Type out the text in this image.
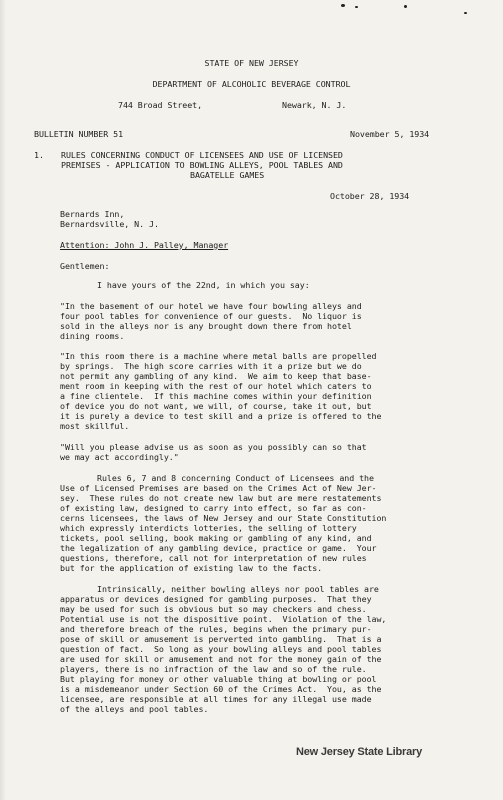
STATE OF NEW JERSEY
DEPARTMENT OF ALCOHOLIC BEVERAGE CONTROL
744 Broad Street,	Newark, N. J.
BULLETIN NUMBER 51	November 5, 1934
1. RULES CONCERNING CONDUCT OF LICENSEES AND USE OF LICENSED
PREMISES - APPLICATION TO BOWLING ALLEYS, POOL TABLES AND
BAGATELLE GAMES
October 28, 1934
Bernards Inn,
Bernardsville, N. J.
Attention: John J. Palley, Manager
Gentlemen:
I have yours of the 22nd, in which you say:
"In the basement of our hotel we have four bowling alleys and
four pool tables for convenience of our guests.  No liquor is
sold in the alleys nor is any brought down there from hotel
dining rooms.
"In this room there is a machine where metal balls are propelled
by springs.  The high score carries with it a prize but we do
not permit any gambling of any kind.  We aim to keep that base-
ment room in keeping with the rest of our hotel which caters to
a fine clientele.  If this machine comes within your definition
of device you do not want, we will, of course, take it out, but
it is purely a device to test skill and a prize is offered to the
most skillful.
"Will you please advise us as soon as you possibly can so that
we may act accordingly."
Rules 6, 7 and 8 concerning Conduct of Licensees and the
Use of Licensed Premises are based on the Crimes Act of New Jer-
sey.  These rules do not create new law but are mere restatements
of existing law, designed to carry into effect, so far as con-
cerns licensees, the laws of New Jersey and our State Constitution
which expressly interdicts lotteries, the selling of lottery
tickets, pool selling, book making or gambling of any kind, and
the legalization of any gambling device, practice or game.  Your
questions, therefore, call not for interpretation of new rules
but for the application of existing law to the facts.
Intrinsically, neither bowling alleys nor pool tables are
apparatus or devices designed for gambling purposes.  That they
may be used for such is obvious but so may checkers and chess.
Potential use is not the dispositive point.  Violation of the law,
and therefore breach of the rules, begins when the primary pur-
pose of skill or amusement is perverted into gambling.  That is a
question of fact.  So long as your bowling alleys and pool tables
are used for skill or amusement and not for the money gain of the
players, there is no infraction of the law and so of the rule.
But playing for money or other valuable thing at bowling or pool
is a misdemeanor under Section 60 of the Crimes Act.  You, as the
licensee, are responsible at all times for any illegal use made
of the alleys and pool tables.
New Jersey State Library
